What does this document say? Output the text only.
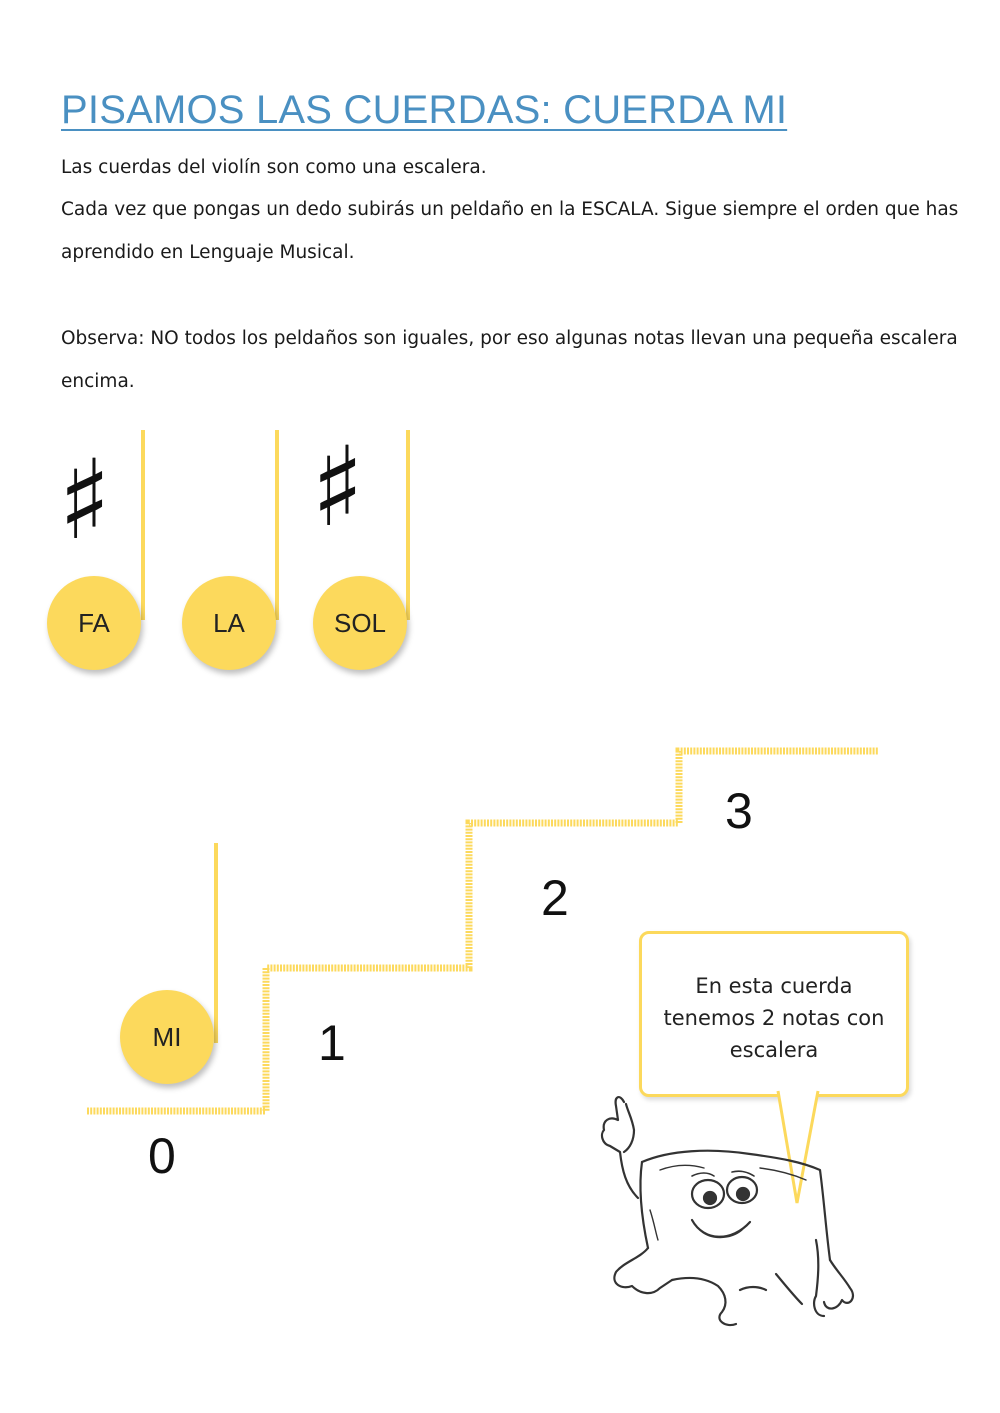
PISAMOS LAS CUERDAS: CUERDA MI

Las cuerdas del violín son como una escalera.

Cada vez que pongas un dedo subirás un peldaño en la ESCALA. Sigue siempre el orden que has aprendido en Lenguaje Musical.

Observa: NO todos los peldaños son iguales, por eso algunas notas llevan una pequeña escalera encima.

♯
FA	LA
♯
SOL
MI
0
1
2
3
En esta cuerda tenemos 2 notas con escalera
